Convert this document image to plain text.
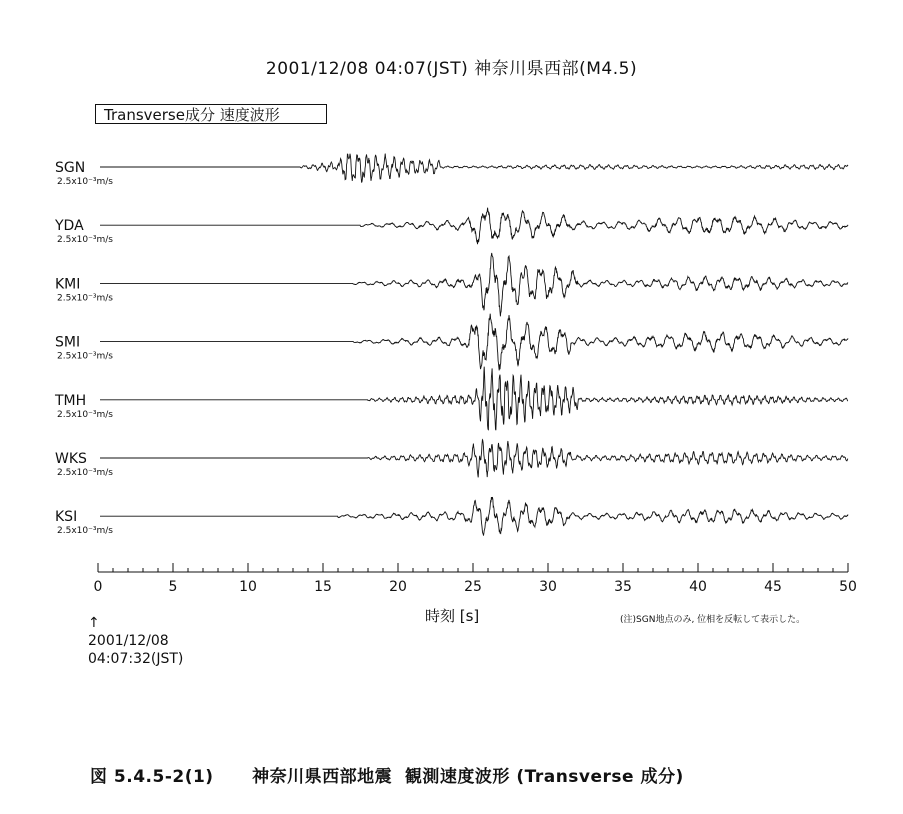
2001/12/08 04:07(JST) 神奈川県西部(M4.5)
Transverse成分 速度波形
SGN
2.5x10⁻³m/s
YDA
2.5x10⁻³m/s
KMI
2.5x10⁻³m/s
SMI
2.5x10⁻³m/s
TMH
2.5x10⁻³m/s
WKS
2.5x10⁻³m/s
KSI
2.5x10⁻³m/s
0	5	10	15	20	25	30	35	40	45	50
時刻 [s]
↑
2001/12/08
04:07:32(JST)
(注)SGN地点のみ, 位相を反転して表示した。
図 5.4.5-2(1)      神奈川県西部地震  観測速度波形 (Transverse 成分)
